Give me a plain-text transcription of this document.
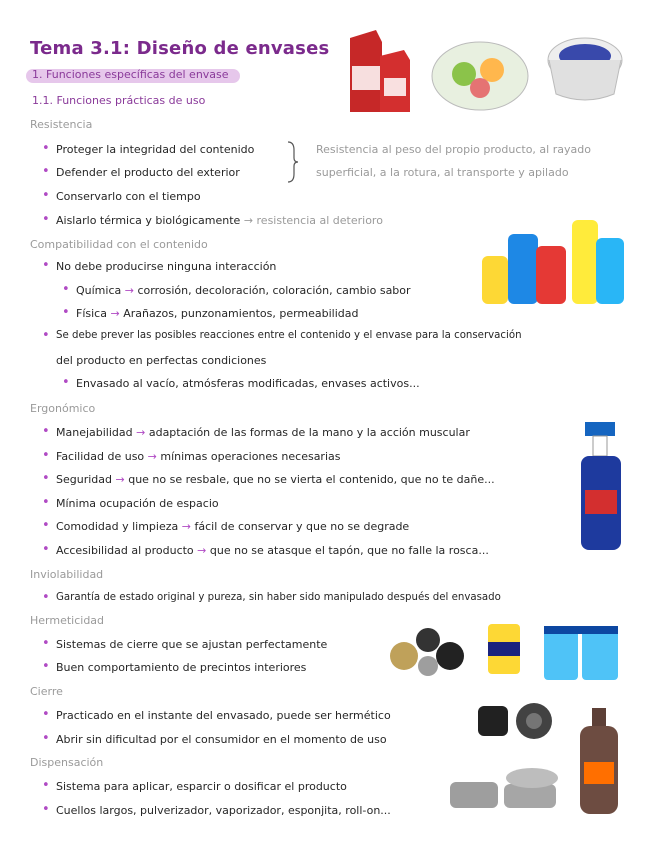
Tema 3.1: Diseño de envases
1. Funciones específicas del envase
1.1. Funciones prácticas de uso
Resistencia
• Proteger la integridad del contenido
• Defender el producto del exterior
• Conservarlo con el tiempo
• Aislarlo térmica y biológicamente → resistencia al deterioro
Resistencia al peso del propio producto, al rayado
superficial, a la rotura, al transporte y apilado
Compatibilidad con el contenido
• No debe producirse ninguna interacción
• Química → corrosión, decoloración, coloración, cambio sabor
• Física → Arañazos, punzonamientos, permeabilidad
• Se debe prever las posibles reacciones entre el contenido y el envase para la conservación
del producto en perfectas condiciones
• Envasado al vacío, atmósferas modificadas, envases activos...
Ergonómico
• Manejabilidad → adaptación de las formas de la mano y la acción muscular
• Facilidad de uso → mínimas operaciones necesarias
• Seguridad → que no se resbale, que no se vierta el contenido, que no te dañe...
• Mínima ocupación de espacio
• Comodidad y limpieza → fácil de conservar y que no se degrade
• Accesibilidad al producto → que no se atasque el tapón, que no falle la rosca...
Inviolabilidad
• Garantía de estado original y pureza, sin haber sido manipulado después del envasado
Hermeticidad
• Sistemas de cierre que se ajustan perfectamente
• Buen comportamiento de precintos interiores
Cierre
• Practicado en el instante del envasado, puede ser hermético
• Abrir sin dificultad por el consumidor en el momento de uso
Dispensación
• Sistema para aplicar, esparcir o dosificar el producto
• Cuellos largos, pulverizador, vaporizador, esponjita, roll-on...
